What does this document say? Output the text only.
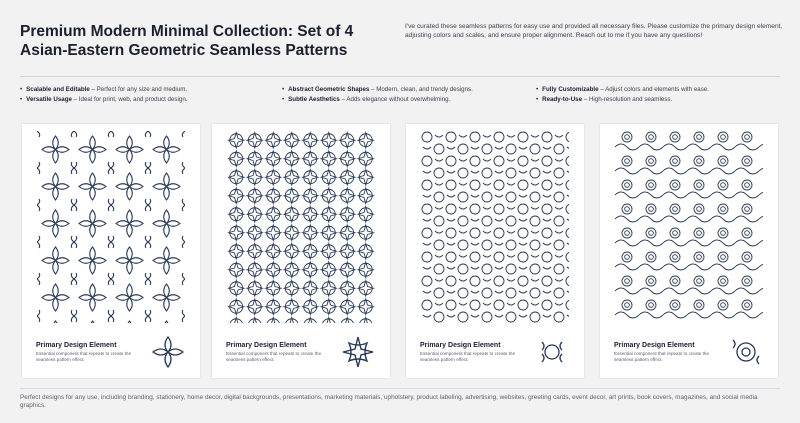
Premium Modern Minimal Collection: Set of 4 Asian-Eastern Geometric Seamless Patterns
I've curated these seamless patterns for easy use and provided all necessary files. Please customize the primary design element, adjusting colors and scales, and ensure proper alignment. Reach out to me if you have any questions!
• Scalable and Editable – Perfect for any size and medium.
• Versatile Usage – Ideal for print, web, and product design.
• Abstract Geometric Shapes – Modern, clean, and trendy designs.
• Subtle Aesthetics – Adds elegance without overwhelming.
• Fully Customizable – Adjust colors and elements with ease.
• Ready-to-Use – High-resolution and seamless.
Primary Design Element
Essential component that repeats to create the seamless pattern effect.
Primary Design Element
Essential component that repeats to create the seamless pattern effect.
Primary Design Element
Essential component that repeats to create the seamless pattern effect.
Primary Design Element
Essential component that repeats to create the seamless pattern effect.
Perfect designs for any use, including branding, stationery, home decor, digital backgrounds, presentations, marketing materials, upholstery, product labeling, advertising, websites, greeting cards, event decor, art prints, book covers, magazines, and social media graphics.
